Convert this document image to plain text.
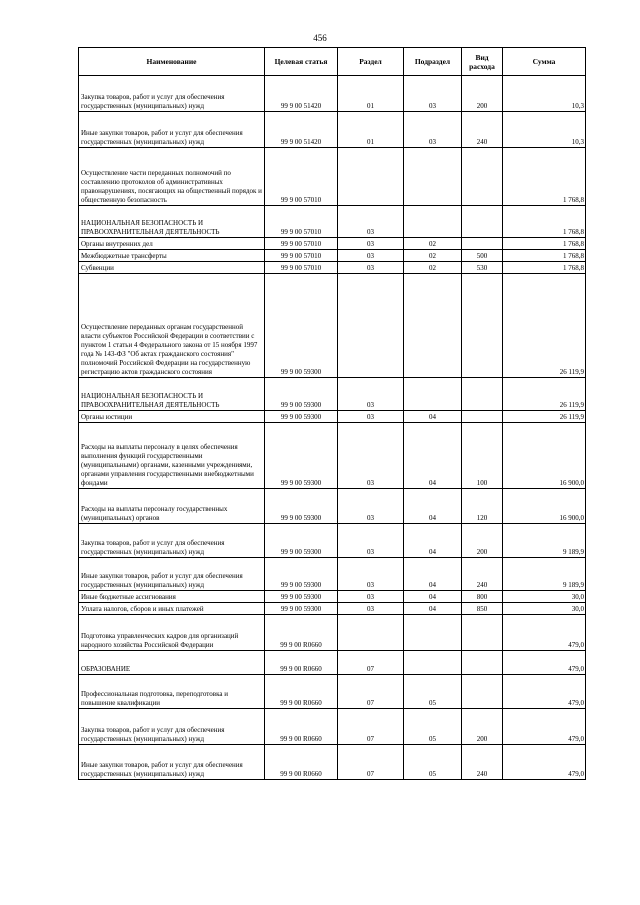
456
Наименование	Целевая статья	Раздел	Подраздел	Вид расхода	Сумма
Закупка товаров, работ и услуг для обеспечения государственных (муниципальных) нужд	99 9 00 51420	01	03	200	10,3
Иные закупки товаров, работ и услуг для обеспечения государственных (муниципальных) нужд	99 9 00 51420	01	03	240	10,3
Осуществление части переданных полномочий по составлению протоколов об административных правонарушениях, посягающих на общественный порядок и общественную безопасность	99 9 00 57010				1 768,8
НАЦИОНАЛЬНАЯ БЕЗОПАСНОСТЬ И ПРАВООХРАНИТЕЛЬНАЯ ДЕЯТЕЛЬНОСТЬ	99 9 00 57010	03			1 768,8
Органы внутренних дел	99 9 00 57010	03	02		1 768,8
Межбюджетные трансферты	99 9 00 57010	03	02	500	1 768,8
Субвенции	99 9 00 57010	03	02	530	1 768,8
Осуществление переданных органам государственной власти субъектов Российской Федерации в соответствии с пунктом 1 статьи 4 Федерального закона от 15 ноября 1997 года № 143-ФЗ "Об актах гражданского состояния" полномочий Российской Федерации на государственную регистрацию актов гражданского состояния	99 9 00 59300				26 119,9
НАЦИОНАЛЬНАЯ БЕЗОПАСНОСТЬ И ПРАВООХРАНИТЕЛЬНАЯ ДЕЯТЕЛЬНОСТЬ	99 9 00 59300	03			26 119,9
Органы юстиции	99 9 00 59300	03	04		26 119,9
Расходы на выплаты персоналу в целях обеспечения выполнения функций государственными (муниципальными) органами, казенными учреждениями, органами управления государственными внебюджетными фондами	99 9 00 59300	03	04	100	16 900,0
Расходы на выплаты персоналу государственных (муниципальных) органов	99 9 00 59300	03	04	120	16 900,0
Закупка товаров, работ и услуг для обеспечения государственных (муниципальных) нужд	99 9 00 59300	03	04	200	9 189,9
Иные закупки товаров, работ и услуг для обеспечения государственных (муниципальных) нужд	99 9 00 59300	03	04	240	9 189,9
Иные бюджетные ассигнования	99 9 00 59300	03	04	800	30,0
Уплата налогов, сборов и иных платежей	99 9 00 59300	03	04	850	30,0
Подготовка управленческих кадров для организаций народного хозяйства Российской Федерации	99 9 00 R0660				479,0
ОБРАЗОВАНИЕ	99 9 00 R0660	07			479,0
Профессиональная подготовка, переподготовка и повышение квалификации	99 9 00 R0660	07	05		479,0
Закупка товаров, работ и услуг для обеспечения государственных (муниципальных) нужд	99 9 00 R0660	07	05	200	479,0
Иные закупки товаров, работ и услуг для обеспечения государственных (муниципальных) нужд	99 9 00 R0660	07	05	240	479,0
